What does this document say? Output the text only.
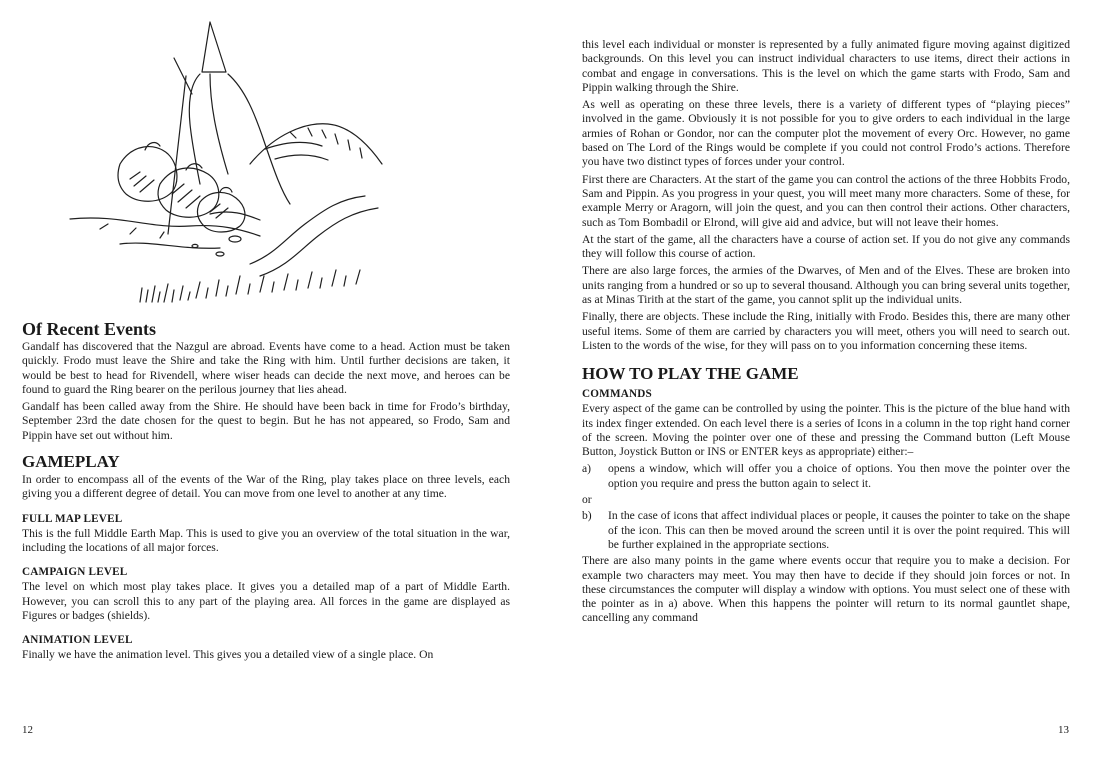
Of Recent Events

Gandalf has discovered that the Nazgul are abroad. Events have come to a head. Action must be taken quickly. Frodo must leave the Shire and take the Ring with him. Until further decisions are taken, it would be best to head for Rivendell, where wiser heads can decide the next move, and heroes can be found to guard the Ring bearer on the perilous journey that lies ahead.

Gandalf has been called away from the Shire. He should have been back in time for Frodo’s birthday, September 23rd the date chosen for the quest to begin. But he has not appeared, so Frodo, Sam and Pippin have set out without him.

GAMEPLAY

In order to encompass all of the events of the War of the Ring, play takes place on three levels, each giving you a different degree of detail. You can move from one level to another at any time.

FULL MAP LEVEL

This is the full Middle Earth Map. This is used to give you an overview of the total situation in the war, including the locations of all major forces.

CAMPAIGN LEVEL

The level on which most play takes place. It gives you a detailed map of a part of Middle Earth. However, you can scroll this to any part of the playing area. All forces in the game are displayed as Figures or badges (shields).

ANIMATION LEVEL

Finally we have the animation level. This gives you a detailed view of a single place. On

12

this level each individual or monster is represented by a fully animated figure moving against digitized backgrounds. On this level you can instruct individual characters to use items, direct their actions in combat and engage in conversations. This is the level on which the game starts with Frodo, Sam and Pippin walking through the Shire.

As well as operating on these three levels, there is a variety of different types of “playing pieces” involved in the game. Obviously it is not possible for you to give orders to each individual in the large armies of Rohan or Gondor, nor can the computer plot the movement of every Orc. However, no game based on The Lord of the Rings would be complete if you could not control Frodo’s actions. Therefore you have two distinct types of forces under your control.

First there are Characters. At the start of the game you can control the actions of the three Hobbits Frodo, Sam and Pippin. As you progress in your quest, you will meet many more characters. Some of these, for example Merry or Aragorn, will join the quest, and you can then control their actions. Other characters, such as Tom Bombadil or Elrond, will give aid and advice, but will not leave their homes.

At the start of the game, all the characters have a course of action set. If you do not give any commands they will follow this course of action.

There are also large forces, the armies of the Dwarves, of Men and of the Elves. These are broken into units ranging from a hundred or so up to several thousand. Although you can bring several units together, as at Minas Tirith at the start of the game, you cannot split up the individual units.

Finally, there are objects. These include the Ring, initially with Frodo. Besides this, there are many other useful items. Some of them are carried by characters you will meet, others you will need to search out. Listen to the words of the wise, for they will pass on to you information concerning these items.

HOW TO PLAY THE GAME
COMMANDS

Every aspect of the game can be controlled by using the pointer. This is the picture of the blue hand with its index finger extended. On each level there is a series of Icons in a column in the top right hand corner of the screen. Moving the pointer over one of these and pressing the Command button (Left Mouse Button, Joystick Button or INS or ENTER keys as appropriate) either:–

a)	opens a window, which will offer you a choice of options. You then move the pointer over the option you require and press the button again to select it.
or
b)	In the case of icons that affect individual places or people, it causes the pointer to take on the shape of the icon. This can then be moved around the screen until it is over the point required. This will be further explained in the appropriate sections.

There are also many points in the game where events occur that require you to make a decision. For example two characters may meet. You may then have to decide if they should join forces or not. In these circumstances the computer will display a window with options. You must select one of these with the pointer as in a) above. When this happens the pointer will return to its normal gauntlet shape, cancelling any command

13
